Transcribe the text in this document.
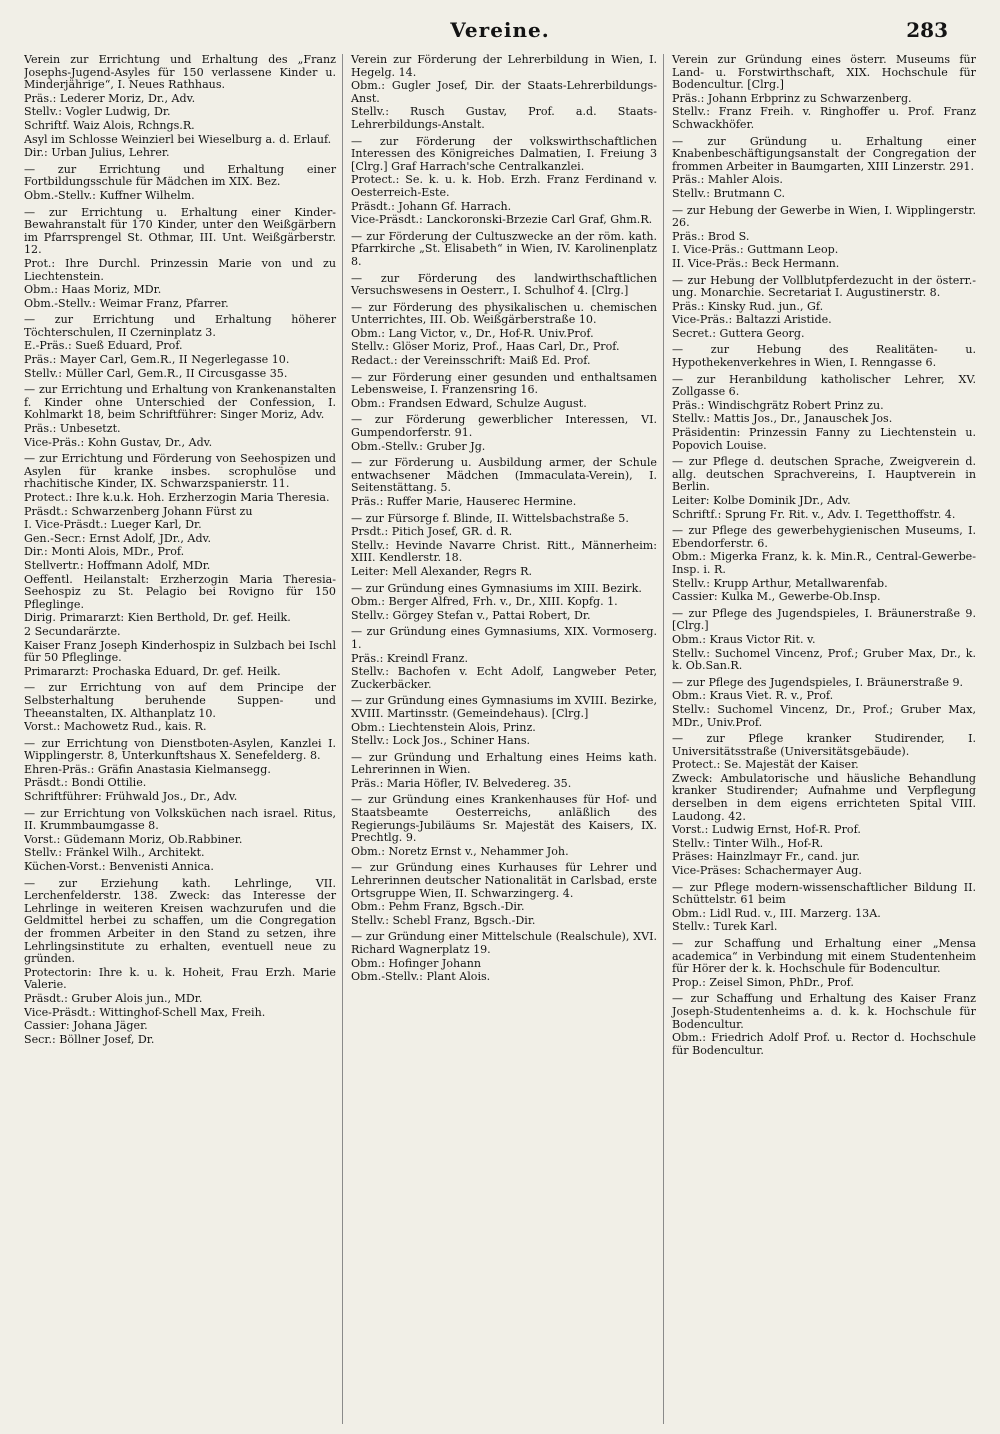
Vereine.	283

Verein zur Errichtung und Erhaltung des „Franz Josephs-Jugend-Asyles für 150 verlassene Kinder u. Minderjährige“, I. Neues Rathhaus.

Präs.: Lederer Moriz, Dr., Adv.

Stellv.: Vogler Ludwig, Dr.

Schriftf. Waiz Alois, Rchngs.R.

Asyl im Schlosse Weinzierl bei Wieselburg a. d. Erlauf.

Dir.: Urban Julius, Lehrer.

— zur Errichtung und Erhaltung einer Fortbildungsschule für Mädchen im XIX. Bez.

Obm.-Stellv.: Kuffner Wilhelm.

— zur Errichtung u. Erhaltung einer Kinder-Bewahranstalt für 170 Kinder, unter den Weißgärbern im Pfarrsprengel St. Othmar, III. Unt. Weißgärberstr. 12.

Prot.: Ihre Durchl. Prinzessin Marie von und zu Liechtenstein.

Obm.: Haas Moriz, MDr.

Obm.-Stellv.: Weimar Franz, Pfarrer.

— zur Errichtung und Erhaltung höherer Töchterschulen, II Czerninplatz 3.

E.-Präs.: Sueß Eduard, Prof.

Präs.: Mayer Carl, Gem.R., II Negerlegasse 10.

Stellv.: Müller Carl, Gem.R., II Circusgasse 35.

— zur Errichtung und Erhaltung von Krankenanstalten f. Kinder ohne Unterschied der Confession, I. Kohlmarkt 18, beim Schriftführer: Singer Moriz, Adv.

Präs.: Unbesetzt.

Vice-Präs.: Kohn Gustav, Dr., Adv.

— zur Errichtung und Förderung von Seehospizen und Asylen für kranke insbes. scrophulöse und rhachitische Kinder, IX. Schwarzspanierstr. 11.

Protect.: Ihre k.u.k. Hoh. Erzherzogin Maria Theresia.

Präsdt.: Schwarzenberg Johann Fürst zu

I. Vice-Präsdt.: Lueger Karl, Dr.

Gen.-Secr.: Ernst Adolf, JDr., Adv.

Dir.: Monti Alois, MDr., Prof.

Stellvertr.: Hoffmann Adolf, MDr.

Oeffentl. Heilanstalt: Erzherzogin Maria Theresia-Seehospiz zu St. Pelagio bei Rovigno für 150 Pfleglinge.

Dirig. Primararzt: Kien Berthold, Dr. gef. Heilk.

2 Secundarärzte.

Kaiser Franz Joseph Kinderhospiz in Sulzbach bei Ischl für 50 Pfleglinge.

Primararzt: Prochaska Eduard, Dr. gef. Heilk.

— zur Errichtung von auf dem Principe der Selbsterhaltung beruhende Suppen- und Theeanstalten, IX. Althanplatz 10.

Vorst.: Machowetz Rud., kais. R.

— zur Errichtung von Dienstboten-Asylen, Kanzlei I. Wipplingerstr. 8, Unterkunftshaus X. Senefelderg. 8.

Ehren-Präs.: Gräfin Anastasia Kielmansegg.

Präsdt.: Bondi Ottilie.

Schriftführer: Frühwald Jos., Dr., Adv.

— zur Errichtung von Volksküchen nach israel. Ritus, II. Krummbaumgasse 8.

Vorst.: Güdemann Moriz, Ob.Rabbiner.

Stellv.: Fränkel Wilh., Architekt.

Küchen-Vorst.: Benvenisti Annica.

— zur Erziehung kath. Lehrlinge, VII. Lerchenfelderstr. 138. Zweck: das Interesse der Lehrlinge in weiteren Kreisen wachzurufen und die Geldmittel herbei zu schaffen, um die Congregation der frommen Arbeiter in den Stand zu setzen, ihre Lehrlingsinstitute zu erhalten, eventuell neue zu gründen.

Protectorin: Ihre k. u. k. Hoheit, Frau Erzh. Marie Valerie.

Präsdt.: Gruber Alois jun., MDr.

Vice-Präsdt.: Wittinghof-Schell Max, Freih.

Cassier: Johana Jäger.

Secr.: Böllner Josef, Dr.

Verein zur Förderung der Lehrerbildung in Wien, I. Hegelg. 14.

Obm.: Gugler Josef, Dir. der Staats-Lehrerbildungs-Anst.

Stellv.: Rusch Gustav, Prof. a.d. Staats-Lehrerbildungs-Anstalt.

— zur Förderung der volkswirthschaftlichen Interessen des Königreiches Dalmatien, I. Freiung 3 [Clrg.] Graf Harrach'sche Centralkanzlei.

Protect.: Se. k. u. k. Hob. Erzh. Franz Ferdinand v. Oesterreich-Este.

Präsdt.: Johann Gf. Harrach.

Vice-Präsdt.: Lanckoronski-Brzezie Carl Graf, Ghm.R.

— zur Förderung der Cultuszwecke an der röm. kath. Pfarrkirche „St. Elisabeth“ in Wien, IV. Karolinenplatz 8.

— zur Förderung des landwirthschaftlichen Versuchswesens in Oesterr., I. Schulhof 4. [Clrg.]

— zur Förderung des physikalischen u. chemischen Unterrichtes, III. Ob. Weißgärberstraße 10.

Obm.: Lang Victor, v., Dr., Hof-R. Univ.Prof.

Stellv.: Glöser Moriz, Prof., Haas Carl, Dr., Prof.

Redact.: der Vereinsschrift: Maiß Ed. Prof.

— zur Förderung einer gesunden und enthaltsamen Lebensweise, I. Franzensring 16.

Obm.: Frandsen Edward, Schulze August.

— zur Förderung gewerblicher Interessen, VI. Gumpendorferstr. 91.

Obm.-Stellv.: Gruber Jg.

— zur Förderung u. Ausbildung armer, der Schule entwachsener Mädchen (Immaculata-Verein), I. Seitenstättang. 5.

Präs.: Ruffer Marie, Hauserec Hermine.

— zur Fürsorge f. Blinde, II. Wittelsbachstraße 5.

Prsdt.: Pitich Josef, GR. d. R.

Stellv.: Hevinde Navarre Christ. Ritt., Männerheim: XIII. Kendlerstr. 18.

Leiter: Mell Alexander, Regrs R.

— zur Gründung eines Gymnasiums im XIII. Bezirk.

Obm.: Berger Alfred, Frh. v., Dr., XIII. Kopfg. 1.

Stellv.: Görgey Stefan v., Pattai Robert, Dr.

— zur Gründung eines Gymnasiums, XIX. Vormoserg. 1.

Präs.: Kreindl Franz.

Stellv.: Bachofen v. Echt Adolf, Langweber Peter, Zuckerbäcker.

— zur Gründung eines Gymnasiums im XVIII. Bezirke, XVIII. Martinsstr. (Gemeindehaus). [Clrg.]

Obm.: Liechtenstein Alois, Prinz.

Stellv.: Lock Jos., Schiner Hans.

— zur Gründung und Erhaltung eines Heims kath. Lehrerinnen in Wien.

Präs.: Maria Höfler, IV. Belvedereg. 35.

— zur Gründung eines Krankenhauses für Hof- und Staatsbeamte Oesterreichs, anläßlich des Regierungs-Jubiläums Sr. Majestät des Kaisers, IX. Prechtlg. 9.

Obm.: Noretz Ernst v., Nehammer Joh.

— zur Gründung eines Kurhauses für Lehrer und Lehrerinnen deutscher Nationalität in Carlsbad, erste Ortsgruppe Wien, II. Schwarzingerg. 4.

Obm.: Pehm Franz, Bgsch.-Dir.

Stellv.: Schebl Franz, Bgsch.-Dir.

— zur Gründung einer Mittelschule (Realschule), XVI. Richard Wagnerplatz 19.

Obm.: Hofinger Johann

Obm.-Stellv.: Plant Alois.

Verein zur Gründung eines österr. Museums für Land- u. Forstwirthschaft, XIX. Hochschule für Bodencultur. [Clrg.]

Präs.: Johann Erbprinz zu Schwarzenberg.

Stellv.: Franz Freih. v. Ringhoffer u. Prof. Franz Schwackhöfer.

— zur Gründung u. Erhaltung einer Knabenbeschäftigungsanstalt der Congregation der frommen Arbeiter in Baumgarten, XIII Linzerstr. 291.

Präs.: Mahler Alois.

Stellv.: Brutmann C.

— zur Hebung der Gewerbe in Wien, I. Wipplingerstr. 26.

Präs.: Brod S.

I. Vice-Präs.: Guttmann Leop.

II. Vice-Präs.: Beck Hermann.

— zur Hebung der Vollblutpferdezucht in der österr.-ung. Monarchie. Secretariat I. Augustinerstr. 8.

Präs.: Kinsky Rud. jun., Gf.

Vice-Präs.: Baltazzi Aristide.

Secret.: Guttera Georg.

— zur Hebung des Realitäten- u. Hypothekenverkehres in Wien, I. Renngasse 6.

— zur Heranbildung katholischer Lehrer, XV. Zollgasse 6.

Präs.: Windischgrätz Robert Prinz zu.

Stellv.: Mattis Jos., Dr., Janauschek Jos.

Präsidentin: Prinzessin Fanny zu Liechtenstein u. Popovich Louise.

— zur Pflege d. deutschen Sprache, Zweigverein d. allg. deutschen Sprachvereins, I. Hauptverein in Berlin.

Leiter: Kolbe Dominik JDr., Adv.

Schriftf.: Sprung Fr. Rit. v., Adv. I. Tegetthoffstr. 4.

— zur Pflege des gewerbehygienischen Museums, I. Ebendorferstr. 6.

Obm.: Migerka Franz, k. k. Min.R., Central-Gewerbe-Insp. i. R.

Stellv.: Krupp Arthur, Metallwarenfab.

Cassier: Kulka M., Gewerbe-Ob.Insp.

— zur Pflege des Jugendspieles, I. Bräunerstraße 9. [Clrg.]

Obm.: Kraus Victor Rit. v.

Stellv.: Suchomel Vincenz, Prof.; Gruber Max, Dr., k. k. Ob.San.R.

— zur Pflege des Jugendspieles, I. Bräunerstraße 9.

Obm.: Kraus Viet. R. v., Prof.

Stellv.: Suchomel Vincenz, Dr., Prof.; Gruber Max, MDr., Univ.Prof.

— zur Pflege kranker Studirender, I. Universitätsstraße (Universitätsgebäude).

Protect.: Se. Majestät der Kaiser.

Zweck: Ambulatorische und häusliche Behandlung kranker Studirender; Aufnahme und Verpflegung derselben in dem eigens errichteten Spital VIII. Laudong. 42.

Vorst.: Ludwig Ernst, Hof-R. Prof.

Stellv.: Tinter Wilh., Hof-R.

Präses: Hainzlmayr Fr., cand. jur.

Vice-Präses: Schachermayer Aug.

— zur Pflege modern-wissenschaftlicher Bildung II. Schüttelstr. 61 beim

Obm.: Lidl Rud. v., III. Marzerg. 13A.

Stellv.: Turek Karl.

— zur Schaffung und Erhaltung einer „Mensa academica“ in Verbindung mit einem Studentenheim für Hörer der k. k. Hochschule für Bodencultur.

Prop.: Zeisel Simon, PhDr., Prof.

— zur Schaffung und Erhaltung des Kaiser Franz Joseph-Studentenheims a. d. k. k. Hochschule für Bodencultur.

Obm.: Friedrich Adolf Prof. u. Rector d. Hochschule für Bodencultur.
